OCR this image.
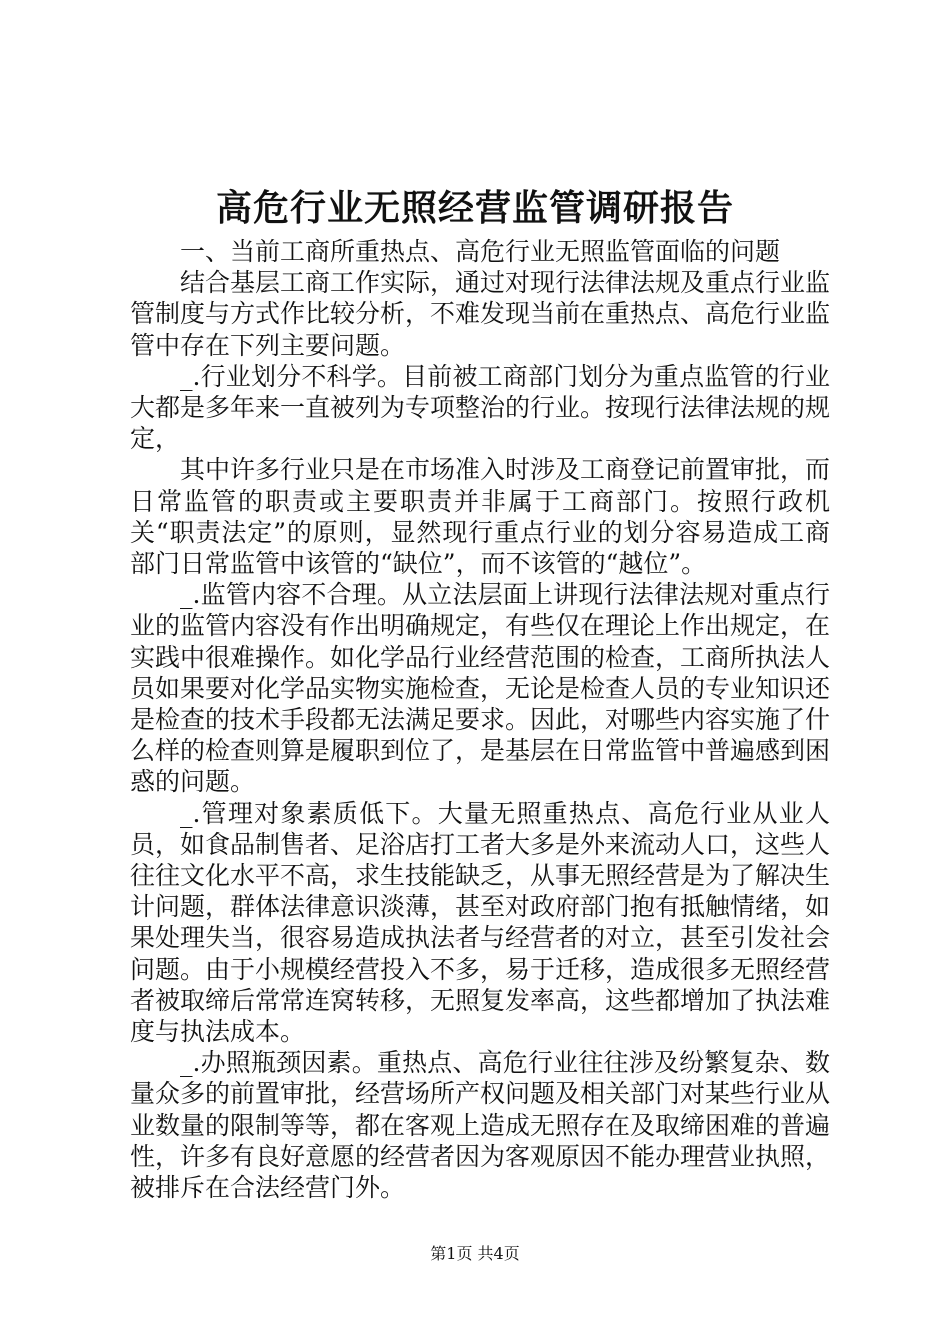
高危行业无照经营监管调研报告

一、当前工商所重热点、高危行业无照监管面临的问题

结合基层工商工作实际，通过对现行法律法规及重点行业监管制度与方式作比较分析，不难发现当前在重热点、高危行业监管中存在下列主要问题。

_.行业划分不科学。目前被工商部门划分为重点监管的行业大都是多年来一直被列为专项整治的行业。按现行法律法规的规定，

其中许多行业只是在市场准入时涉及工商登记前置审批，而日常监管的职责或主要职责并非属于工商部门。按照行政机关“职责法定”的原则，显然现行重点行业的划分容易造成工商部门日常监管中该管的“缺位”，而不该管的“越位”。

_.监管内容不合理。从立法层面上讲现行法律法规对重点行业的监管内容没有作出明确规定，有些仅在理论上作出规定，在实践中很难操作。如化学品行业经营范围的检查，工商所执法人员如果要对化学品实物实施检查，无论是检查人员的专业知识还是检查的技术手段都无法满足要求。因此，对哪些内容实施了什么样的检查则算是履职到位了，是基层在日常监管中普遍感到困惑的问题。

_.管理对象素质低下。大量无照重热点、高危行业从业人员，如食品制售者、足浴店打工者大多是外来流动人口，这些人往往文化水平不高，求生技能缺乏，从事无照经营是为了解决生计问题，群体法律意识淡薄，甚至对政府部门抱有抵触情绪，如果处理失当，很容易造成执法者与经营者的对立，甚至引发社会问题。由于小规模经营投入不多，易于迁移，造成很多无照经营者被取缔后常常连窝转移，无照复发率高，这些都增加了执法难度与执法成本。

_.办照瓶颈因素。重热点、高危行业往往涉及纷繁复杂、数量众多的前置审批，经营场所产权问题及相关部门对某些行业从业数量的限制等等，都在客观上造成无照存在及取缔困难的普遍性，许多有良好意愿的经营者因为客观原因不能办理营业执照，被排斥在合法经营门外。

第1页 共4页
